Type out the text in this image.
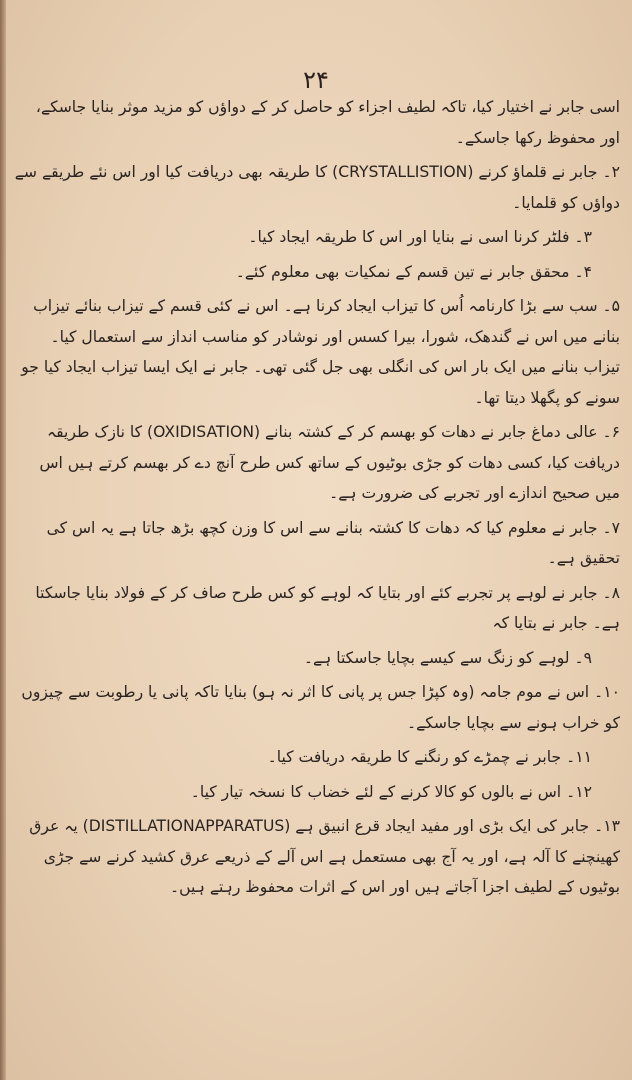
۲۴

اسی جابر نے اختیار کیا، تاکہ لطیف اجزاء کو حاصل کر کے دواؤں کو مزید موثر بنایا جاسکے، اور محفوظ رکھا جاسکے۔

۲۔ جابر نے قلماؤ کرنے (CRYSTALLISTION) کا طریقہ بھی دریافت کیا اور اس نئے طریقے سے دواؤں کو قلمایا۔

۳۔ فلٹر کرنا اسی نے بنایا اور اس کا طریقہ ایجاد کیا۔

۴۔ محقق جابر نے تین قسم کے نمکیات بھی معلوم کئے۔

۵۔ سب سے بڑا کارنامہ اُس کا تیزاب ایجاد کرنا ہے۔ اس نے کئی قسم کے تیزاب بنائے تیزاب بنانے میں اس نے گندھک، شورا، بیرا کسس اور نوشادر کو مناسب انداز سے استعمال کیا۔ تیزاب بنانے میں ایک بار اس کی انگلی بھی جل گئی تھی۔ جابر نے ایک ایسا تیزاب ایجاد کیا جو سونے کو پگھلا دیتا تھا۔

۶۔ عالی دماغ جابر نے دھات کو بھسم کر کے کشتہ بنانے (OXIDISATION) کا نازک طریقہ دریافت کیا، کسی دھات کو جڑی بوٹیوں کے ساتھ کس طرح آنچ دے کر بھسم کرتے ہیں اس میں صحیح اندازے اور تجربے کی ضرورت ہے۔

۷۔ جابر نے معلوم کیا کہ دھات کا کشتہ بنانے سے اس کا وزن کچھ بڑھ جاتا ہے یہ اس کی تحقیق ہے۔

۸۔ جابر نے لوہے پر تجربے کئے اور بتایا کہ لوہے کو کس طرح صاف کر کے فولاد بنایا جاسکتا ہے۔ جابر نے بتایا کہ

۹۔ لوہے کو زنگ سے کیسے بچایا جاسکتا ہے۔

۱۰۔ اس نے موم جامہ (وہ کپڑا جس پر پانی کا اثر نہ ہو) بنایا تاکہ پانی یا رطوبت سے چیزوں کو خراب ہونے سے بچایا جاسکے۔

۱۱۔ جابر نے چمڑے کو رنگنے کا طریقہ دریافت کیا۔

۱۲۔ اس نے بالوں کو کالا کرنے کے لئے خضاب کا نسخہ تیار کیا۔

۱۳۔ جابر کی ایک بڑی اور مفید ایجاد قرع انبیق ہے (DISTILLATIONAPPARATUS) یہ عرق کھینچنے کا آلہ ہے، اور یہ آج بھی مستعمل ہے اس آلے کے ذریعے عرق کشید کرنے سے جڑی بوٹیوں کے لطیف اجزا آجاتے ہیں اور اس کے اثرات محفوظ رہتے ہیں۔
